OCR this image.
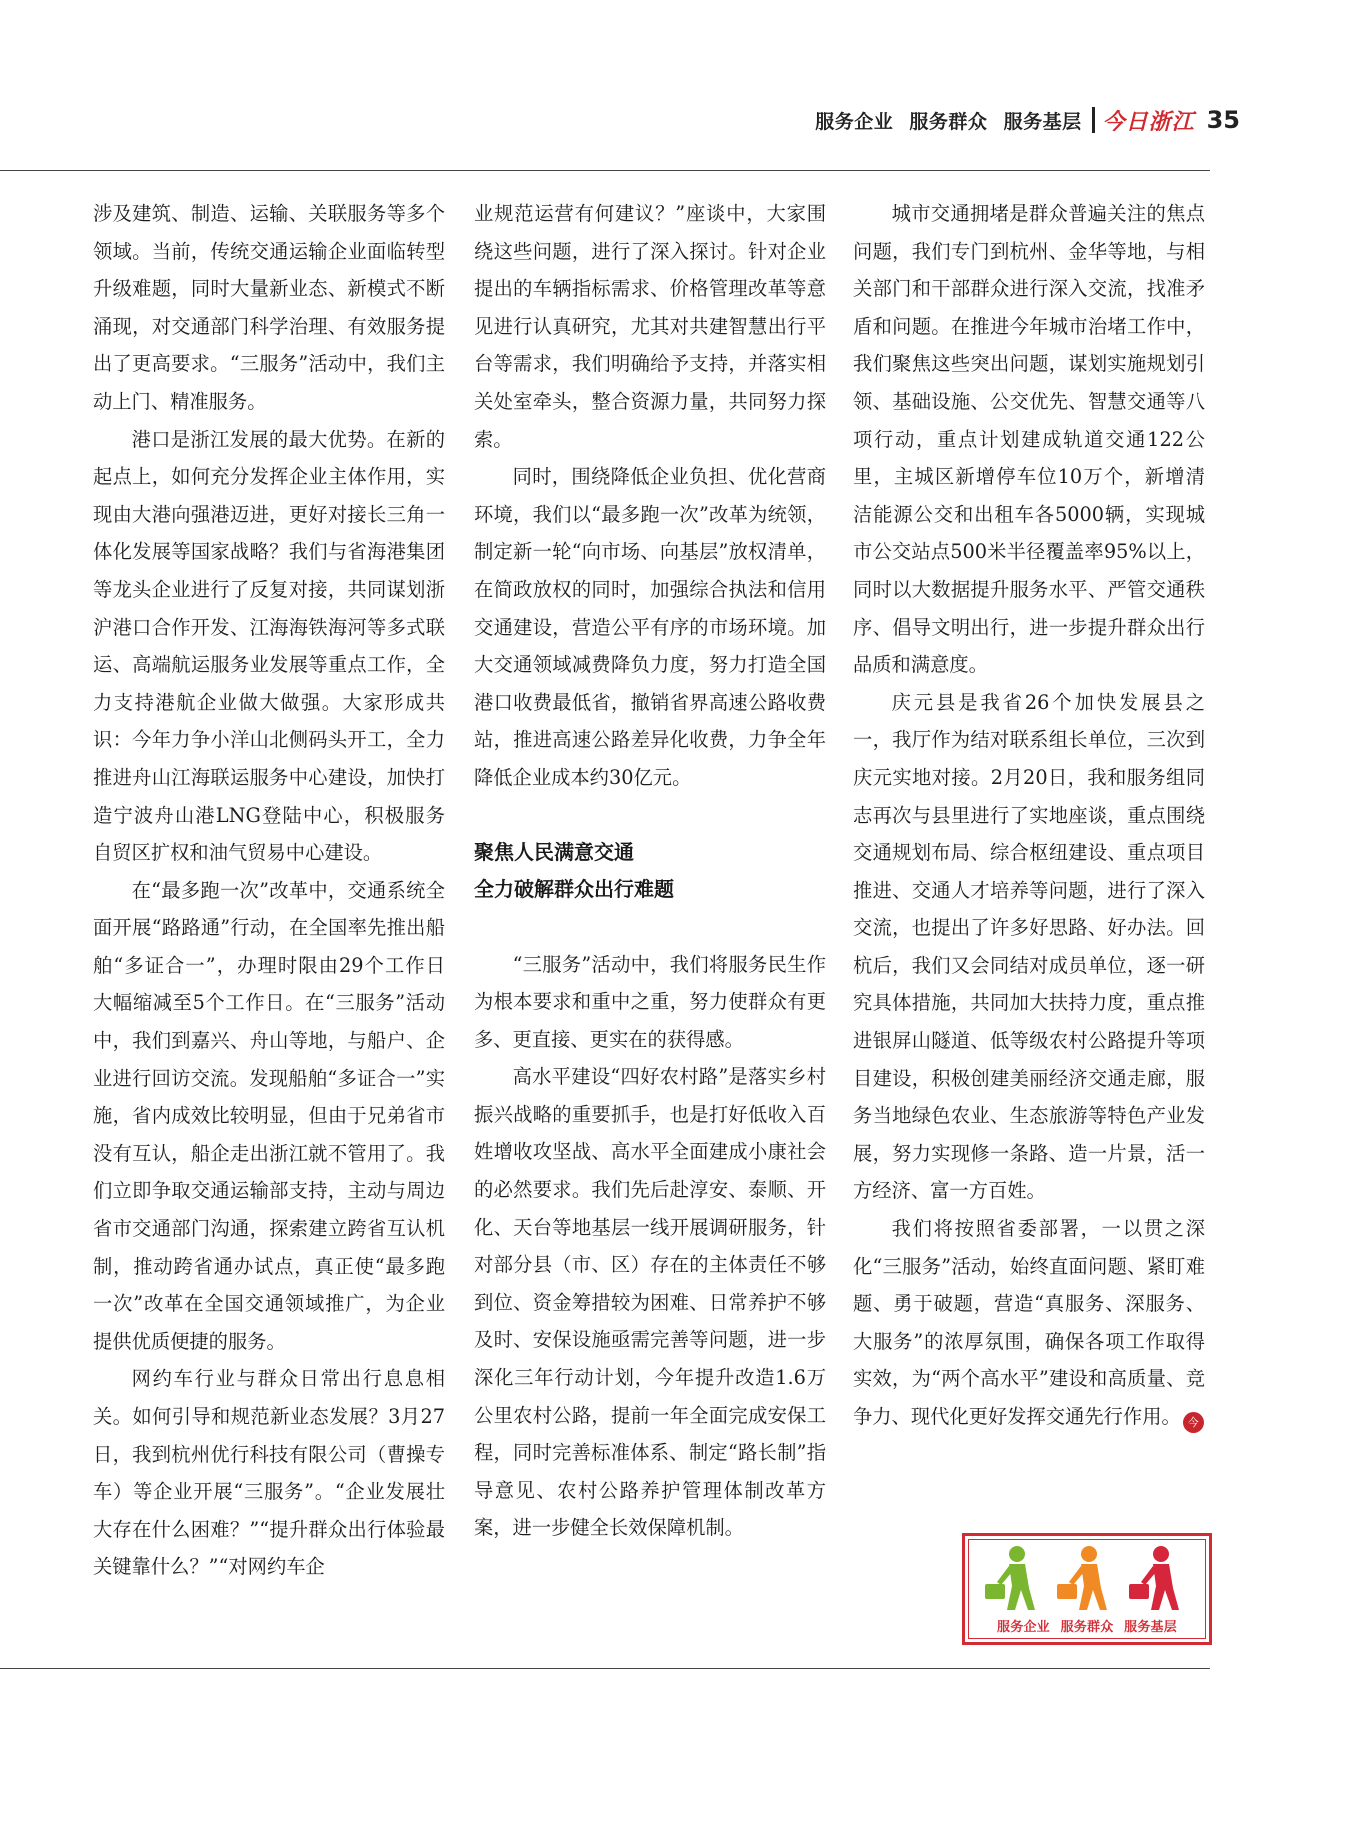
服务企业 服务群众 服务基层 今日浙江 35

涉及建筑、制造、运输、关联服务等多个领域。当前，传统交通运输企业面临转型升级难题，同时大量新业态、新模式不断涌现，对交通部门科学治理、有效服务提出了更高要求。“三服务”活动中，我们主动上门、精准服务。

港口是浙江发展的最大优势。在新的起点上，如何充分发挥企业主体作用，实现由大港向强港迈进，更好对接长三角一体化发展等国家战略？我们与省海港集团等龙头企业进行了反复对接，共同谋划浙沪港口合作开发、江海海铁海河等多式联运、高端航运服务业发展等重点工作，全力支持港航企业做大做强。大家形成共识：今年力争小洋山北侧码头开工，全力推进舟山江海联运服务中心建设，加快打造宁波舟山港LNG登陆中心，积极服务自贸区扩权和油气贸易中心建设。

在“最多跑一次”改革中，交通系统全面开展“路路通”行动，在全国率先推出船舶“多证合一”，办理时限由29个工作日大幅缩减至5个工作日。在“三服务”活动中，我们到嘉兴、舟山等地，与船户、企业进行回访交流。发现船舶“多证合一”实施，省内成效比较明显，但由于兄弟省市没有互认，船企走出浙江就不管用了。我们立即争取交通运输部支持，主动与周边省市交通部门沟通，探索建立跨省互认机制，推动跨省通办试点，真正使“最多跑一次”改革在全国交通领域推广，为企业提供优质便捷的服务。

网约车行业与群众日常出行息息相关。如何引导和规范新业态发展？3月27日，我到杭州优行科技有限公司（曹操专车）等企业开展“三服务”。“企业发展壮大存在什么困难？”“提升群众出行体验最关键靠什么？”“对网约车企

业规范运营有何建议？”座谈中，大家围绕这些问题，进行了深入探讨。针对企业提出的车辆指标需求、价格管理改革等意见进行认真研究，尤其对共建智慧出行平台等需求，我们明确给予支持，并落实相关处室牵头，整合资源力量，共同努力探索。

同时，围绕降低企业负担、优化营商环境，我们以“最多跑一次”改革为统领，制定新一轮“向市场、向基层”放权清单，在简政放权的同时，加强综合执法和信用交通建设，营造公平有序的市场环境。加大交通领域减费降负力度，努力打造全国港口收费最低省，撤销省界高速公路收费站，推进高速公路差异化收费，力争全年降低企业成本约30亿元。

聚焦人民满意交通
全力破解群众出行难题

“三服务”活动中，我们将服务民生作为根本要求和重中之重，努力使群众有更多、更直接、更实在的获得感。

高水平建设“四好农村路”是落实乡村振兴战略的重要抓手，也是打好低收入百姓增收攻坚战、高水平全面建成小康社会的必然要求。我们先后赴淳安、泰顺、开化、天台等地基层一线开展调研服务，针对部分县（市、区）存在的主体责任不够到位、资金筹措较为困难、日常养护不够及时、安保设施亟需完善等问题，进一步深化三年行动计划，今年提升改造1.6万公里农村公路，提前一年全面完成安保工程，同时完善标准体系、制定“路长制”指导意见、农村公路养护管理体制改革方案，进一步健全长效保障机制。

城市交通拥堵是群众普遍关注的焦点问题，我们专门到杭州、金华等地，与相关部门和干部群众进行深入交流，找准矛盾和问题。在推进今年城市治堵工作中，我们聚焦这些突出问题，谋划实施规划引领、基础设施、公交优先、智慧交通等八项行动，重点计划建成轨道交通122公里，主城区新增停车位10万个，新增清洁能源公交和出租车各5000辆，实现城市公交站点500米半径覆盖率95%以上，同时以大数据提升服务水平、严管交通秩序、倡导文明出行，进一步提升群众出行品质和满意度。

庆元县是我省26个加快发展县之一，我厅作为结对联系组长单位，三次到庆元实地对接。2月20日，我和服务组同志再次与县里进行了实地座谈，重点围绕交通规划布局、综合枢纽建设、重点项目推进、交通人才培养等问题，进行了深入交流，也提出了许多好思路、好办法。回杭后，我们又会同结对成员单位，逐一研究具体措施，共同加大扶持力度，重点推进银屏山隧道、低等级农村公路提升等项目建设，积极创建美丽经济交通走廊，服务当地绿色农业、生态旅游等特色产业发展，努力实现修一条路、造一片景，活一方经济、富一方百姓。

我们将按照省委部署，一以贯之深化“三服务”活动，始终直面问题、紧盯难题、勇于破题，营造“真服务、深服务、大服务”的浓厚氛围，确保各项工作取得实效，为“两个高水平”建设和高质量、竞争力、现代化更好发挥交通先行作用。 今

服务企业 服务群众 服务基层
